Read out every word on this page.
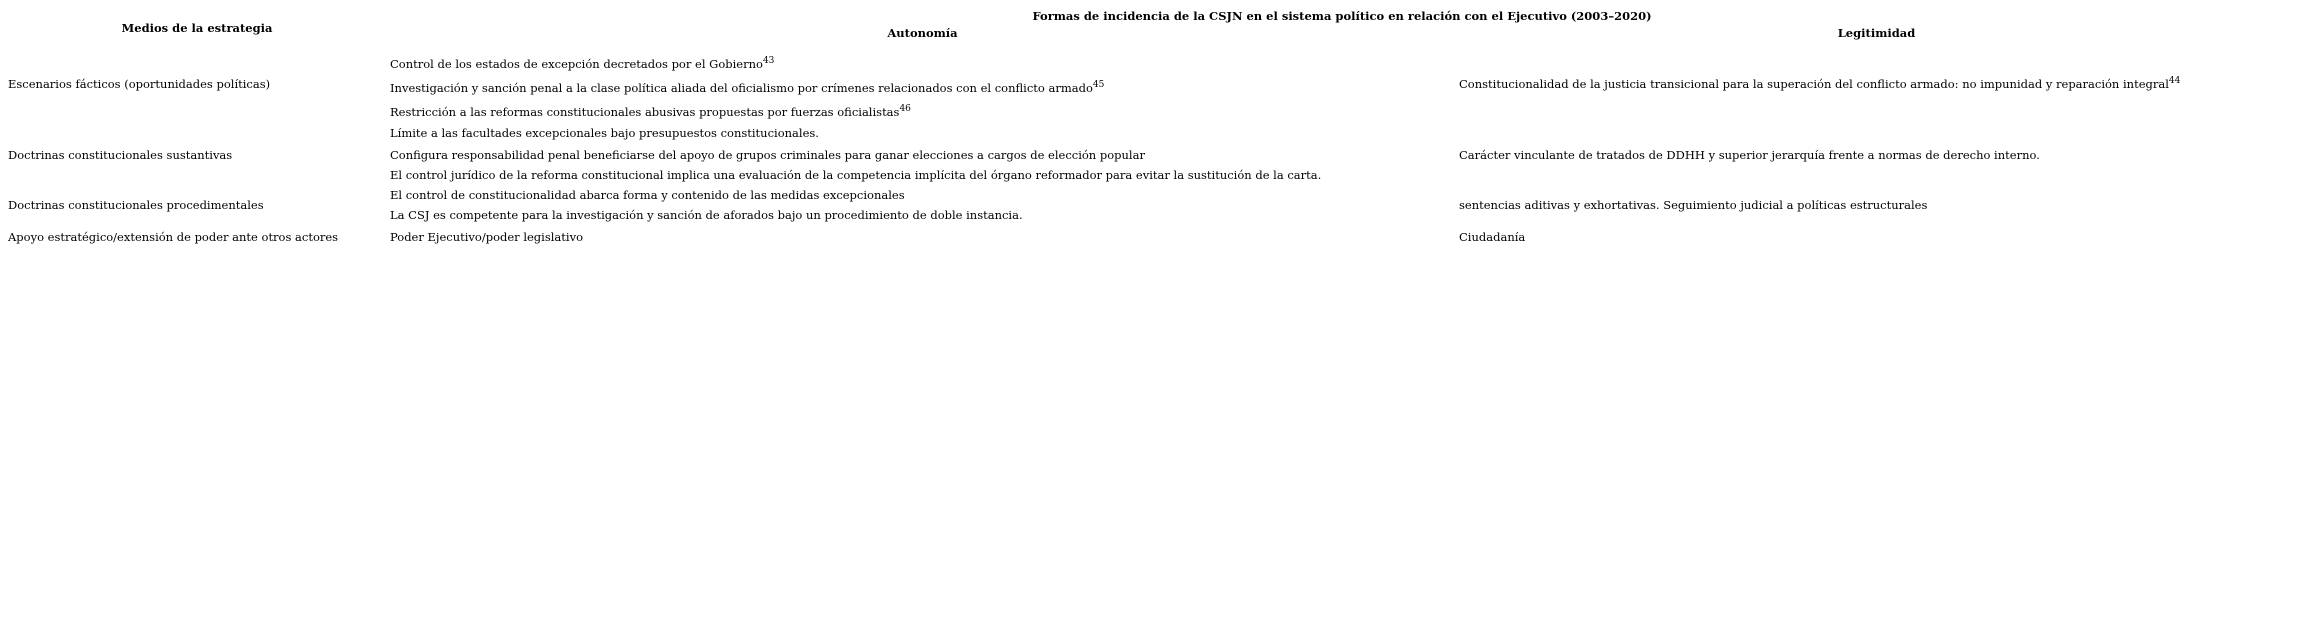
Medios de la estrategia	Formas de incidencia de la CSJN en el sistema político en relación con el Ejecutivo (2003–2020)	
	Autonomía	Legitimidad
Escenarios fácticos (oportunidades políticas)	Control de los estados de excepción decretados por el Gobierno$^{43}$	Constitucionalidad de la justicia transicional para la superación del conflicto armado: no impunidad y reparación integral$^{44}$
	Investigación y sanción penal a la clase política aliada del oficialismo por crímenes relacionados con el conflicto armado$^{45}$
	Restricción a las reformas constitucionales abusivas propuestas por fuerzas oficialistas$^{46}$
Doctrinas constitucionales sustantivas	Límite a las facultades excepcionales bajo presupuestos constitucionales.	Carácter vinculante de tratados de DDHH y superior jerarquía frente a normas de derecho interno.
	Configura responsabilidad penal beneficiarse del apoyo de grupos criminales para ganar elecciones a cargos de elección popular	
	El control jurídico de la reforma constitucional implica una evaluación de la competencia implícita del órgano reformador para evitar la sustitución de la carta.	
Doctrinas constitucionales procedimentales	El control de constitucionalidad abarca forma y contenido de las medidas excepcionales	sentencias aditivas y exhortativas. Seguimiento judicial a políticas estructurales
	La CSJ es competente para la investigación y sanción de aforados bajo un procedimiento de doble instancia.	
Apoyo estratégico/extensión de poder ante otros actores	Poder Ejecutivo/poder legislativo	Ciudadanía
